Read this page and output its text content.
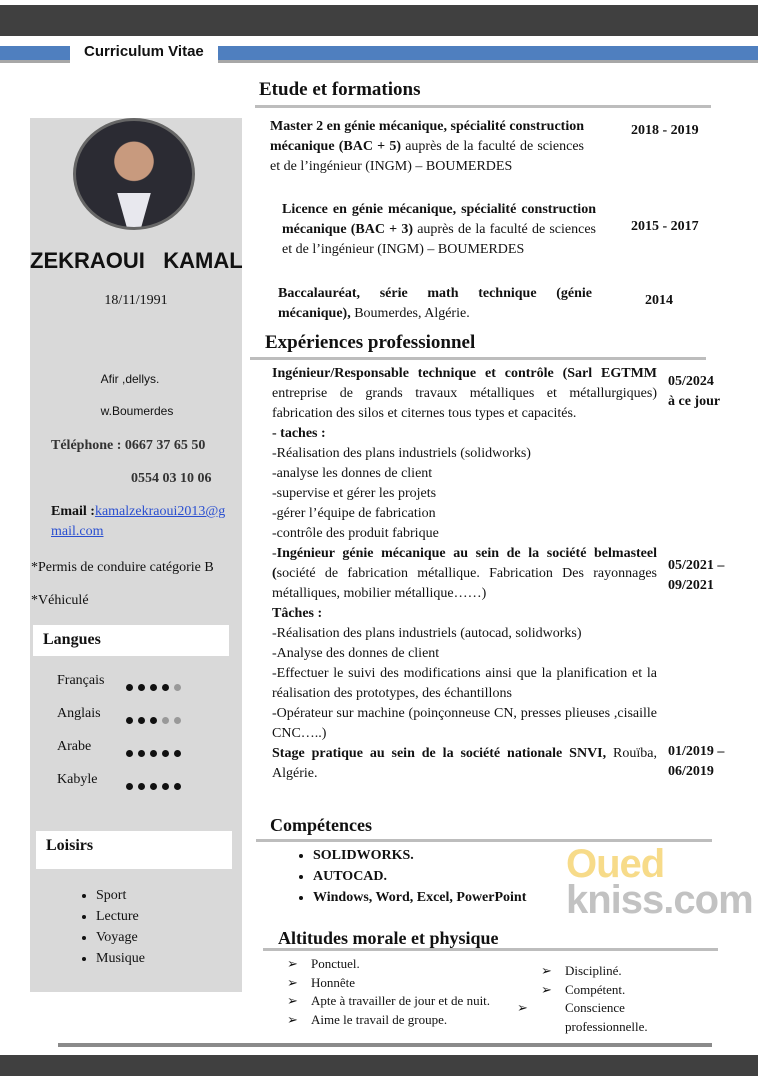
Curriculum Vitae
ZEKRAOUI   KAMAL
18/11/1991
Afir ,dellys.
w.Boumerdes
Téléphone : 0667 37 65 50
0554 03 10 06
Email :kamalzekraoui2013@gmail.com
*Permis de conduire catégorie B
*Véhiculé
Langues
Français
Anglais
Arabe
Kabyle
Loisirs
• Sport
• Lecture
• Voyage
• Musique
Etude et formations
Master 2 en génie mécanique, spécialité construction mécanique (BAC + 5) auprès de la faculté de sciences et de l’ingénieur (INGM) – BOUMERDES
2018 - 2019
Licence en génie mécanique, spécialité construction mécanique (BAC + 3) auprès de la faculté de sciences et de l’ingénieur (INGM) – BOUMERDES
2015 - 2017
Baccalauréat, série math technique (génie mécanique), Boumerdes, Algérie.
2014
Expériences professionnel
Ingénieur/Responsable technique et contrôle (Sarl EGTMM entreprise de grands travaux métalliques et métallurgiques) fabrication des silos et citernes tous types et capacités.
- taches :
-Réalisation des plans industriels (solidworks)
-analyse les donnes de client
-supervise et gérer les projets
-gérer l’équipe de fabrication
-contrôle des produit fabrique
-Ingénieur génie mécanique au sein de la société belmasteel (société de fabrication métallique. Fabrication Des rayonnages métalliques, mobilier métallique……)
Tâches :
-Réalisation des plans industriels (autocad, solidworks)
-Analyse des donnes de client
-Effectuer le suivi des modifications ainsi que la planification et la réalisation des prototypes, des échantillons
-Opérateur sur machine (poinçonneuse CN, presses plieuses ,cisaille CNC…..)
Stage pratique au sein de la société nationale SNVI, Rouïba, Algérie.
05/2024
à ce jour
05/2021 –
09/2021
01/2019 –
06/2019
Compétences
• SOLIDWORKS.
• AUTOCAD.
• Windows, Word, Excel, PowerPoint
Altitudes morale et physique
➢ Ponctuel.
➢ Honnête
➢ Apte à travailler de jour et de nuit.
➢ Aime le travail de groupe.
➢ Discipliné.
➢ Compétent.
➢ Conscience professionnelle.
Oued
kniss.com
